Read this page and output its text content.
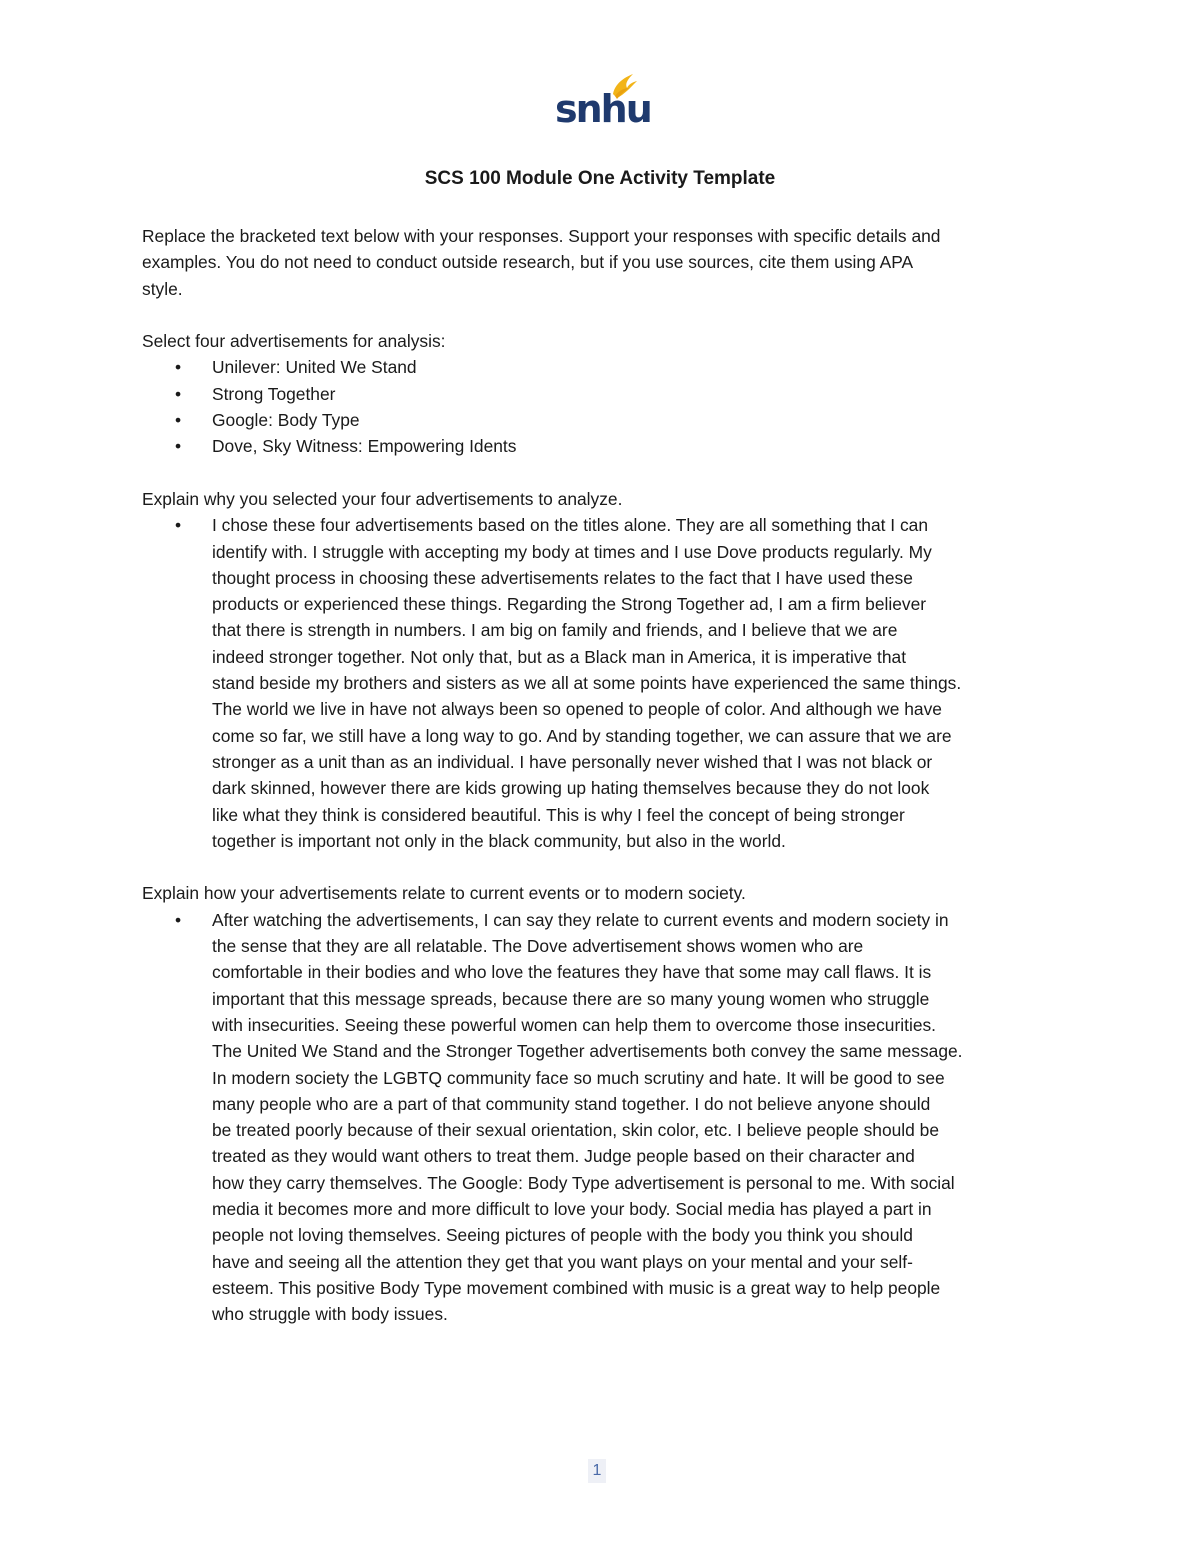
snhu
SCS 100 Module One Activity Template

Replace the bracketed text below with your responses. Support your responses with specific details and

examples. You do not need to conduct outside research, but if you use sources, cite them using APA

style.

Select four advertisements for analysis:

• Unilever: United We Stand
• Strong Together
• Google: Body Type
• Dove, Sky Witness: Empowering Idents

Explain why you selected your four advertisements to analyze.

• I chose these four advertisements based on the titles alone. They are all something that I can
identify with. I struggle with accepting my body at times and I use Dove products regularly. My
thought process in choosing these advertisements relates to the fact that I have used these
products or experienced these things. Regarding the Strong Together ad, I am a firm believer
that there is strength in numbers. I am big on family and friends, and I believe that we are
indeed stronger together. Not only that, but as a Black man in America, it is imperative that
stand beside my brothers and sisters as we all at some points have experienced the same things.
The world we live in have not always been so opened to people of color. And although we have
come so far, we still have a long way to go. And by standing together, we can assure that we are
stronger as a unit than as an individual. I have personally never wished that I was not black or
dark skinned, however there are kids growing up hating themselves because they do not look
like what they think is considered beautiful. This is why I feel the concept of being stronger
together is important not only in the black community, but also in the world.

Explain how your advertisements relate to current events or to modern society.

• After watching the advertisements, I can say they relate to current events and modern society in
the sense that they are all relatable. The Dove advertisement shows women who are
comfortable in their bodies and who love the features they have that some may call flaws. It is
important that this message spreads, because there are so many young women who struggle
with insecurities. Seeing these powerful women can help them to overcome those insecurities.
The United We Stand and the Stronger Together advertisements both convey the same message.
In modern society the LGBTQ community face so much scrutiny and hate. It will be good to see
many people who are a part of that community stand together. I do not believe anyone should
be treated poorly because of their sexual orientation, skin color, etc. I believe people should be
treated as they would want others to treat them. Judge people based on their character and
how they carry themselves. The Google: Body Type advertisement is personal to me. With social
media it becomes more and more difficult to love your body. Social media has played a part in
people not loving themselves. Seeing pictures of people with the body you think you should
have and seeing all the attention they get that you want plays on your mental and your self-
esteem. This positive Body Type movement combined with music is a great way to help people
who struggle with body issues.
1
